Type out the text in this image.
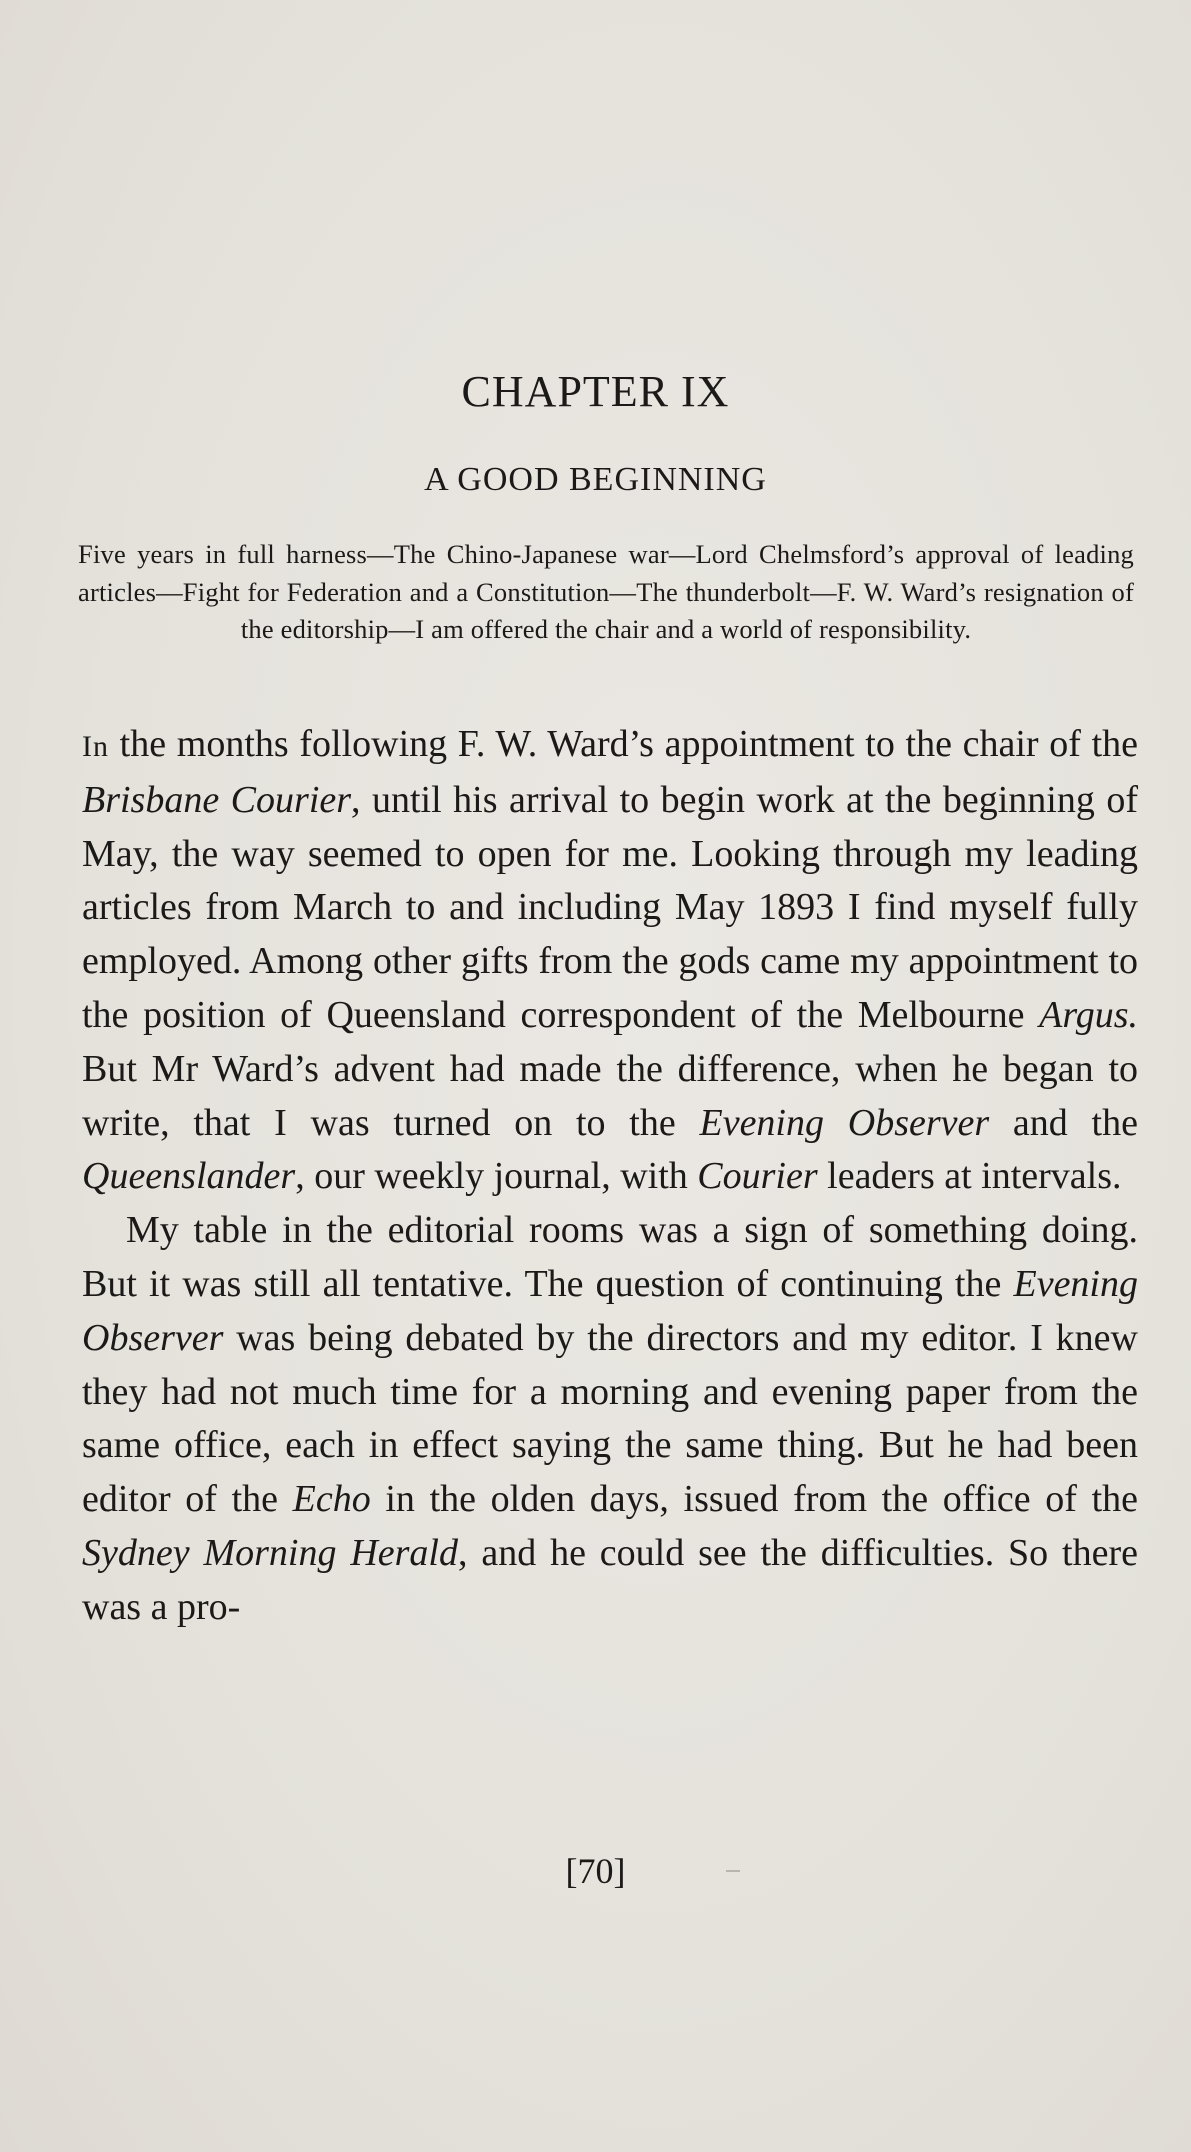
CHAPTER IX
A GOOD BEGINNING
Five years in full harness—The Chino-Japanese war—Lord Chelmsford’s approval of leading articles—Fight for Federation and a Constitution—The thunderbolt—F. W. Ward’s resignation of the editorship—I am offered the chair and a world of responsibility.

In the months following F. W. Ward’s appointment to the chair of the Brisbane Courier, until his arrival to begin work at the beginning of May, the way seemed to open for me. Looking through my leading articles from March to and including May 1893 I find myself fully employed. Among other gifts from the gods came my appointment to the position of Queensland correspondent of the Melbourne Argus. But Mr Ward’s advent had made the difference, when he began to write, that I was turned on to the Evening Observer and the Queenslander, our weekly journal, with Courier leaders at intervals.

My table in the editorial rooms was a sign of something doing. But it was still all tentative. The question of continuing the Evening Observer was being debated by the directors and my editor. I knew they had not much time for a morning and evening paper from the same office, each in effect saying the same thing. But he had been editor of the Echo in the olden days, issued from the office of the Sydney Morning Herald, and he could see the difficulties. So there was a pro-

[70]
